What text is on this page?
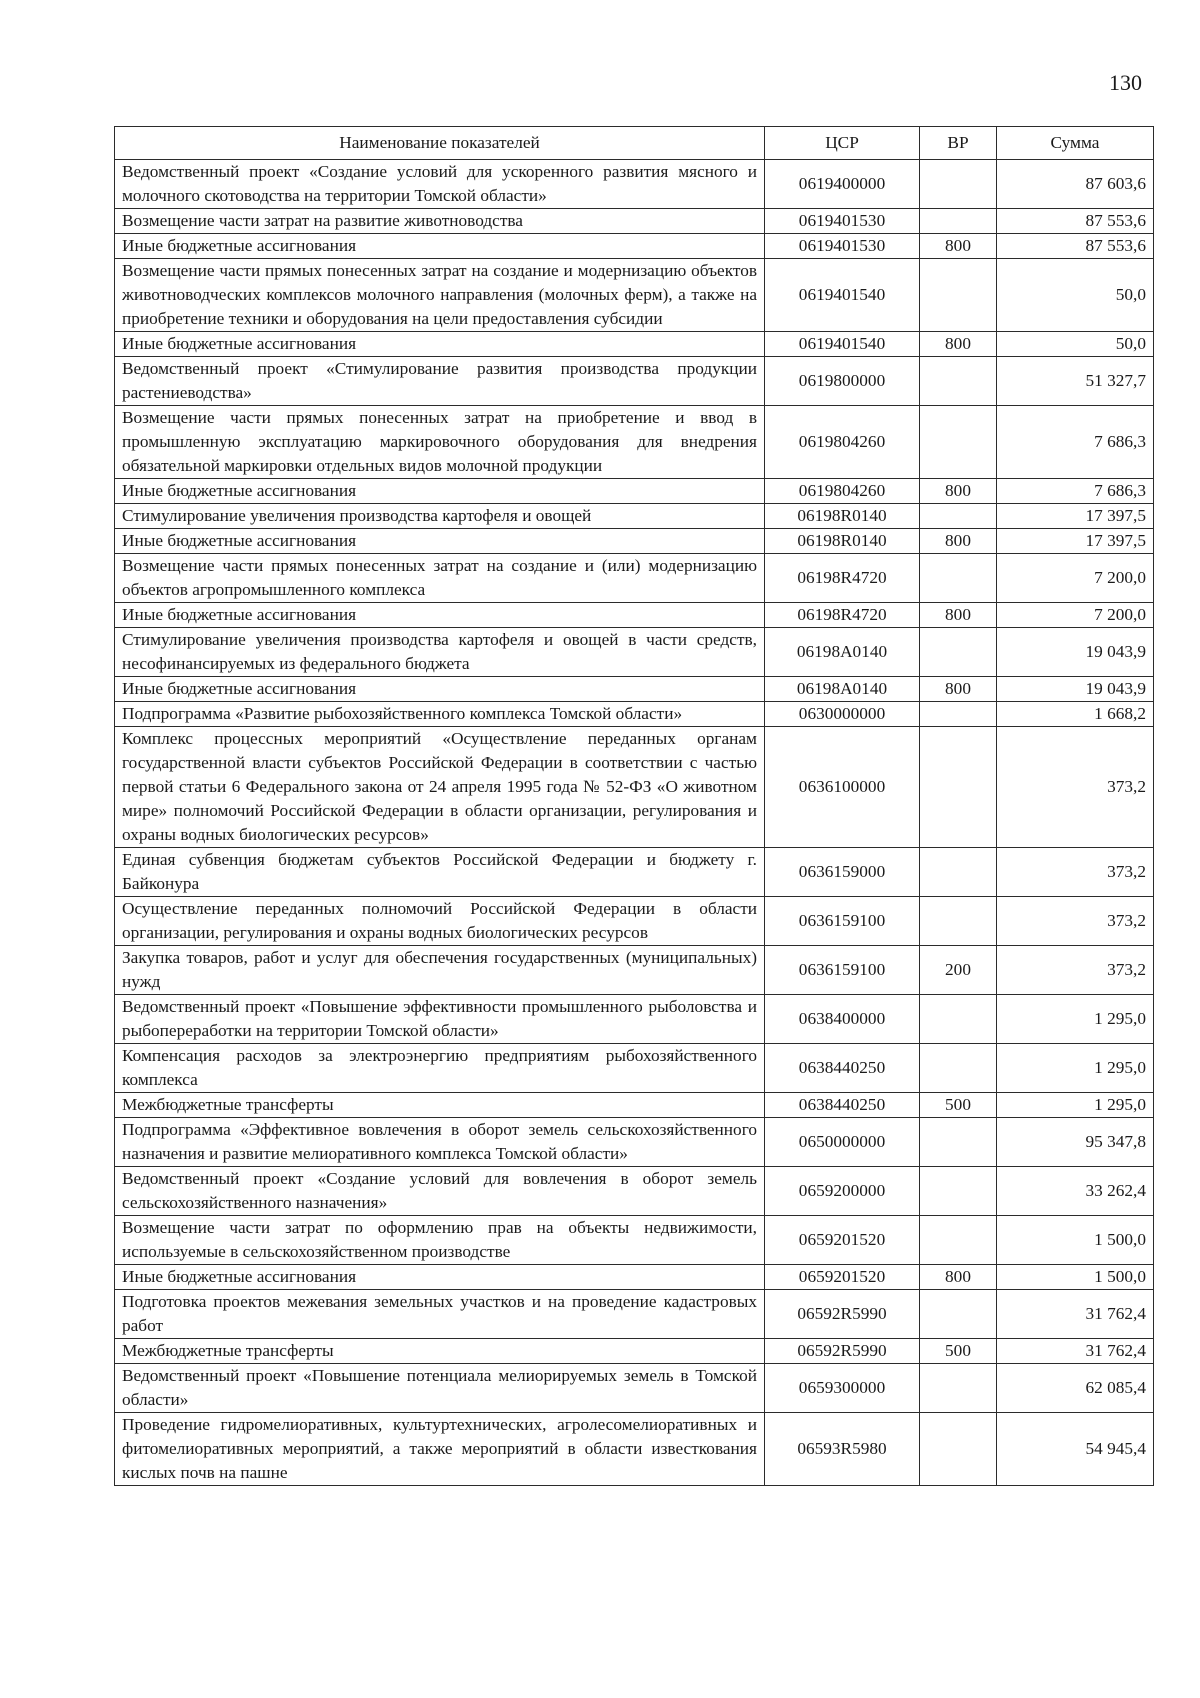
130
Наименование показателей	ЦСР	ВР	Сумма
Ведомственный проект «Создание условий для ускоренного развития мясного и молочного скотоводства на территории Томской области»	0619400000		87 603,6
Возмещение части затрат на развитие животноводства	0619401530		87 553,6
Иные бюджетные ассигнования	0619401530	800	87 553,6
Возмещение части прямых понесенных затрат на создание и модернизацию объектов животноводческих комплексов молочного направления (молочных ферм), а также на приобретение техники и оборудования на цели предоставления субсидии	0619401540		50,0
Иные бюджетные ассигнования	0619401540	800	50,0
Ведомственный проект «Стимулирование развития производства продукции растениеводства»	0619800000		51 327,7
Возмещение части прямых понесенных затрат на приобретение и ввод в промышленную эксплуатацию маркировочного оборудования для внедрения обязательной маркировки отдельных видов молочной продукции	0619804260		7 686,3
Иные бюджетные ассигнования	0619804260	800	7 686,3
Стимулирование увеличения производства картофеля и овощей	06198R0140		17 397,5
Иные бюджетные ассигнования	06198R0140	800	17 397,5
Возмещение части прямых понесенных затрат на создание и (или) модернизацию объектов агропромышленного комплекса	06198R4720		7 200,0
Иные бюджетные ассигнования	06198R4720	800	7 200,0
Стимулирование увеличения производства картофеля и овощей в части средств, несофинансируемых из федерального бюджета	06198A0140		19 043,9
Иные бюджетные ассигнования	06198A0140	800	19 043,9
Подпрограмма «Развитие рыбохозяйственного комплекса Томской области»	0630000000		1 668,2
Комплекс процессных мероприятий «Осуществление переданных органам государственной власти субъектов Российской Федерации в соответствии с частью первой статьи 6 Федерального закона от 24 апреля 1995 года № 52-ФЗ «О животном мире» полномочий Российской Федерации в области организации, регулирования и охраны водных биологических ресурсов»	0636100000		373,2
Единая субвенция бюджетам субъектов Российской Федерации и бюджету г. Байконура	0636159000		373,2
Осуществление переданных полномочий Российской Федерации в области организации, регулирования и охраны водных биологических ресурсов	0636159100		373,2
Закупка товаров, работ и услуг для обеспечения государственных (муниципальных) нужд	0636159100	200	373,2
Ведомственный проект «Повышение эффективности промышленного рыболовства и рыбопереработки на территории Томской области»	0638400000		1 295,0
Компенсация расходов за электроэнергию предприятиям рыбохозяйственного комплекса	0638440250		1 295,0
Межбюджетные трансферты	0638440250	500	1 295,0
Подпрограмма «Эффективное вовлечения в оборот земель сельскохозяйственного назначения и развитие мелиоративного комплекса Томской области»	0650000000		95 347,8
Ведомственный проект «Создание условий для вовлечения в оборот земель сельскохозяйственного назначения»	0659200000		33 262,4
Возмещение части затрат по оформлению прав на объекты недвижимости, используемые в сельскохозяйственном производстве	0659201520		1 500,0
Иные бюджетные ассигнования	0659201520	800	1 500,0
Подготовка проектов межевания земельных участков и на проведение кадастровых работ	06592R5990		31 762,4
Межбюджетные трансферты	06592R5990	500	31 762,4
Ведомственный проект «Повышение потенциала мелиорируемых земель в Томской области»	0659300000		62 085,4
Проведение гидромелиоративных, культуртехнических, агролесомелиоративных и фитомелиоративных мероприятий, а также мероприятий в области известкования кислых почв на пашне	06593R5980		54 945,4
